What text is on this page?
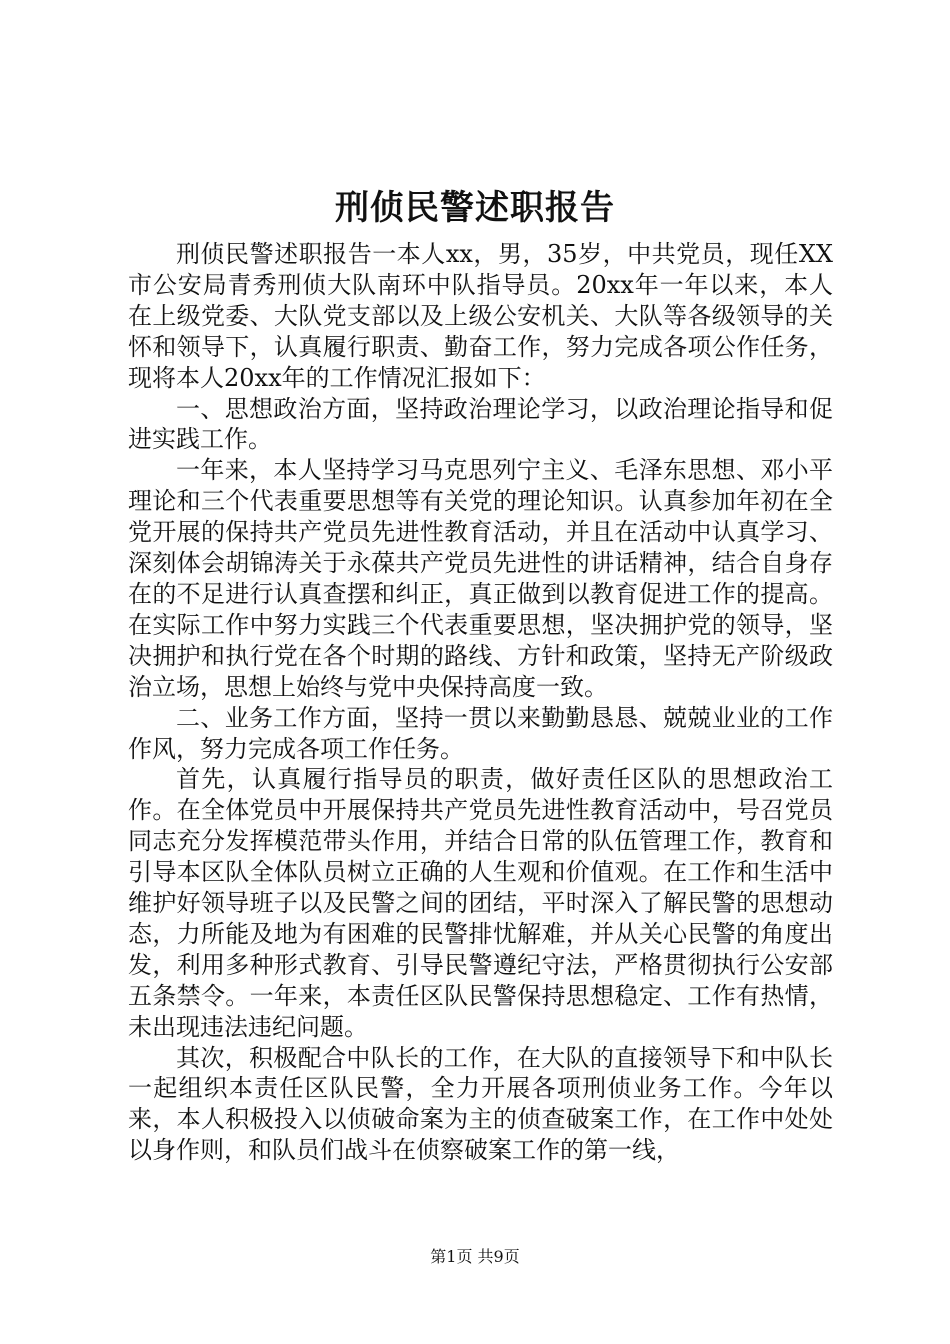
刑侦民警述职报告

刑侦民警述职报告一本人xx，男，35岁，中共党员，现任XX市公安局青秀刑侦大队南环中队指导员。20xx年一年以来，本人在上级党委、大队党支部以及上级公安机关、大队等各级领导的关怀和领导下，认真履行职责、勤奋工作，努力完成各项公作任务，现将本人20xx年的工作情况汇报如下：

一、思想政治方面，坚持政治理论学习，以政治理论指导和促进实践工作。

一年来，本人坚持学习马克思列宁主义、毛泽东思想、邓小平理论和三个代表重要思想等有关党的理论知识。认真参加年初在全党开展的保持共产党员先进性教育活动，并且在活动中认真学习、深刻体会胡锦涛关于永葆共产党员先进性的讲话精神，结合自身存在的不足进行认真查摆和纠正，真正做到以教育促进工作的提高。在实际工作中努力实践三个代表重要思想，坚决拥护党的领导，坚决拥护和执行党在各个时期的路线、方针和政策，坚持无产阶级政治立场，思想上始终与党中央保持高度一致。

二、业务工作方面，坚持一贯以来勤勤恳恳、兢兢业业的工作作风，努力完成各项工作任务。

首先，认真履行指导员的职责，做好责任区队的思想政治工作。在全体党员中开展保持共产党员先进性教育活动中，号召党员同志充分发挥模范带头作用，并结合日常的队伍管理工作，教育和引导本区队全体队员树立正确的人生观和价值观。在工作和生活中维护好领导班子以及民警之间的团结，平时深入了解民警的思想动态，力所能及地为有困难的民警排忧解难，并从关心民警的角度出发，利用多种形式教育、引导民警遵纪守法，严格贯彻执行公安部五条禁令。一年来，本责任区队民警保持思想稳定、工作有热情，未出现违法违纪问题。

其次，积极配合中队长的工作，在大队的直接领导下和中队长一起组织本责任区队民警，全力开展各项刑侦业务工作。今年以来，本人积极投入以侦破命案为主的侦查破案工作，在工作中处处以身作则，和队员们战斗在侦察破案工作的第一线，

第1页 共9页
